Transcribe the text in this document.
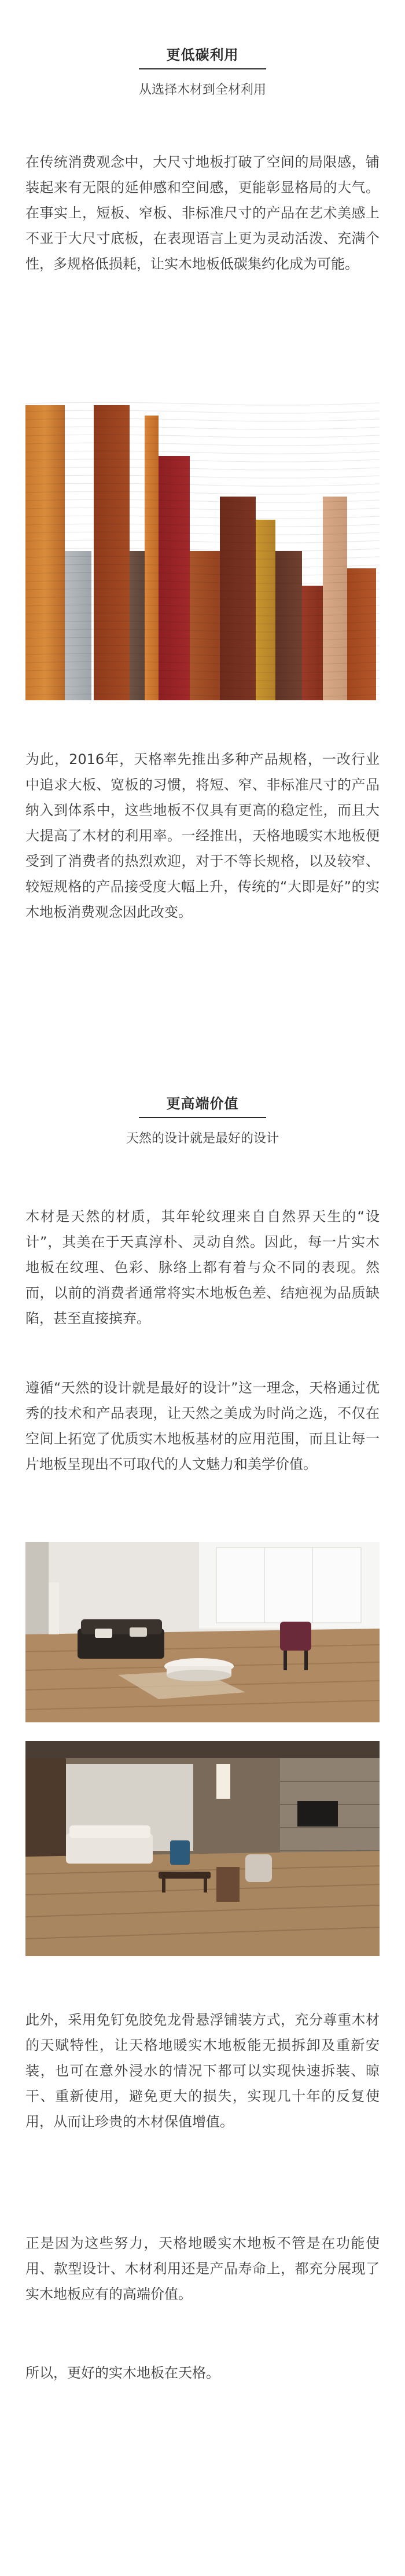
更低碳利用
从选择木材到全材利用

在传统消费观念中，大尺寸地板打破了空间的局限感，铺装起来有无限的延伸感和空间感，更能彰显格局的大气。在事实上，短板、窄板、非标准尺寸的产品在艺术美感上不亚于大尺寸底板，在表现语言上更为灵动活泼、充满个性，多规格低损耗，让实木地板低碳集约化成为可能。

为此，2016年，天格率先推出多种产品规格，一改行业中追求大板、宽板的习惯，将短、窄、非标准尺寸的产品纳入到体系中，这些地板不仅具有更高的稳定性，而且大大提高了木材的利用率。一经推出，天格地暖实木地板便受到了消费者的热烈欢迎，对于不等长规格，以及较窄、较短规格的产品接受度大幅上升，传统的“大即是好”的实木地板消费观念因此改变。

更高端价值
天然的设计就是最好的设计

木材是天然的材质，其年轮纹理来自自然界天生的“设计”，其美在于天真淳朴、灵动自然。因此，每一片实木地板在纹理、色彩、脉络上都有着与众不同的表现。然而，以前的消费者通常将实木地板色差、结疤视为品质缺陷，甚至直接摈弃。

遵循“天然的设计就是最好的设计”这一理念，天格通过优秀的技术和产品表现，让天然之美成为时尚之选，不仅在空间上拓宽了优质实木地板基材的应用范围，而且让每一片地板呈现出不可取代的人文魅力和美学价值。

此外，采用免钉免胶免龙骨悬浮铺装方式，充分尊重木材的天赋特性，让天格地暖实木地板能无损拆卸及重新安装，也可在意外浸水的情况下都可以实现快速拆装、晾干、重新使用，避免更大的损失，实现几十年的反复使用，从而让珍贵的木材保值增值。

正是因为这些努力，天格地暖实木地板不管是在功能使用、款型设计、木材利用还是产品寿命上，都充分展现了实木地板应有的高端价值。

所以，更好的实木地板在天格。
